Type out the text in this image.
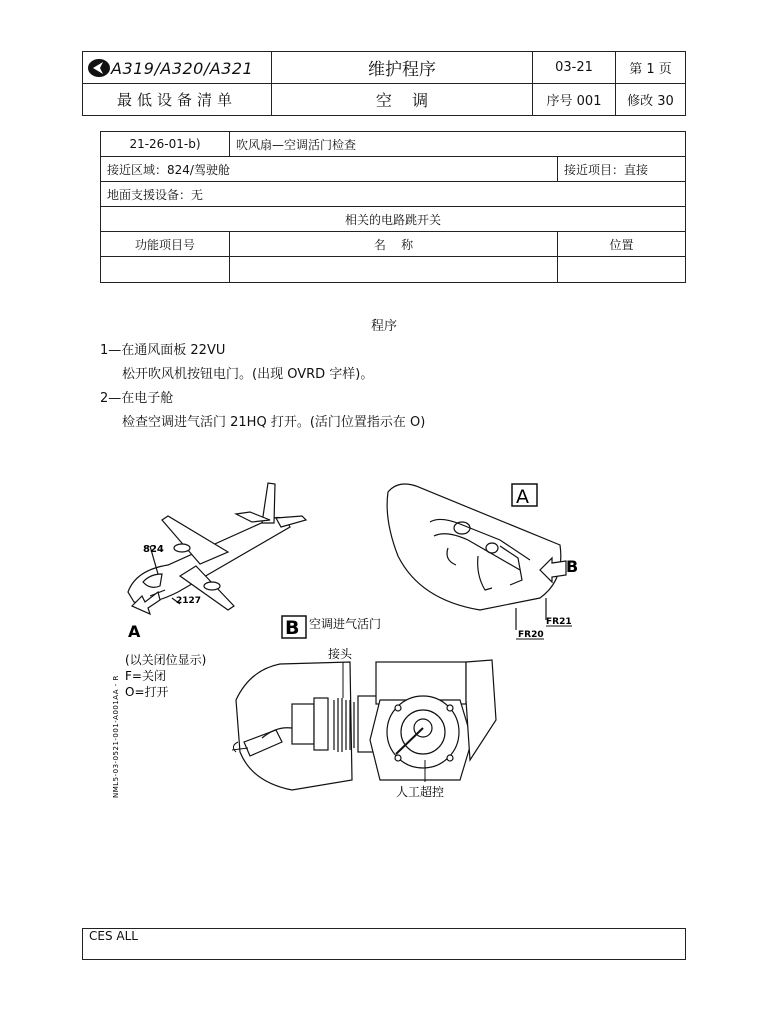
A319/A320/A321	维护程序	03-21	第 1 页
最低设备清单	空    调	序号 001	修改 30
21-26-01-b)	吹风扇—空调活门检查	
接近区域：824/驾驶舱		接近项目：直接
地面支援设备：无		
相关的电路跳开关		
功能项目号	名    称	位置

程序
1—在通风面板 22VU
松开吹风机按钮电门。(出现 OVRD 字样)。
2—在电子舱
检查空调进气活门 21HQ 打开。(活门位置指示在 O)
824
2127
A
A
B
FR21
FR20
B 空调进气活门
(以关闭位显示)
F=关闭
O=打开
NML5-03-0521-001-A001AA - R
接头
人工超控
CES ALL
